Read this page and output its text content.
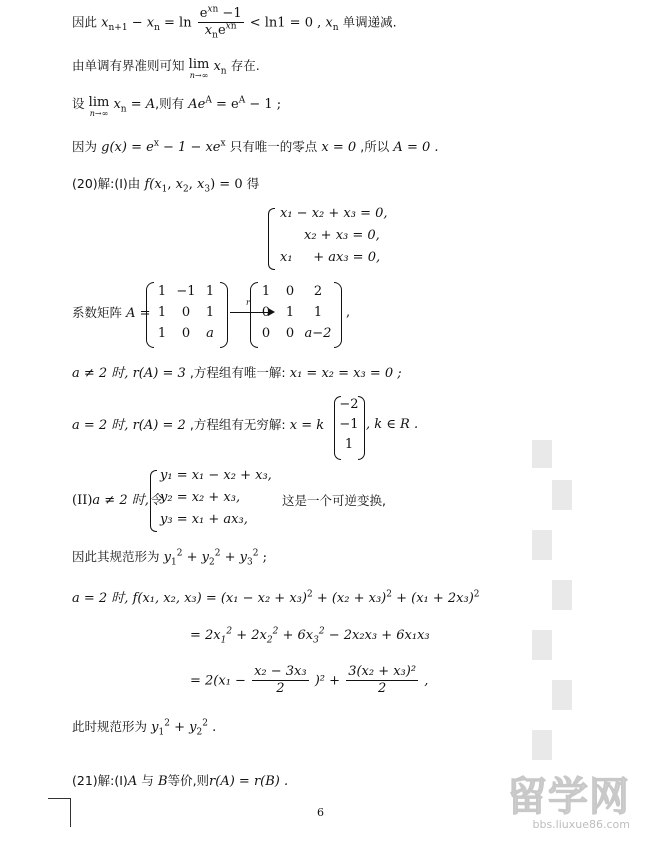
因此 $x_{n+1} - x_n = \ln \frac{e^{xn} -1}{x_ne^{xn}} < \ln 1 = 0$ , $x_n$ 单调递减.
由单调有界准则可知 lim
n→∞
$x_n$ 存在.
设 lim
n→∞
$x_n = A$,则有 $Ae^A = e^A - 1$ ;
因为 $g(x) = e^x - 1 - xe^x$ 只有唯一的零点 x = 0 ,所以 A = 0 .
(20)解:(I)由 $f(x_1$, $x_2$, $x_3) = 0$ 得
x₁ − x₂ + x₃ = 0,
x₂ + x₃ = 0,
x₁ + ax₃ = 0,
系数矩阵 A =
1 −1 1
1	0	1
1	0	a
r
1	0	2
0	1	1
0	0 a−2
,
a ≠ 2 时, r(A) = 3 ,方程组有唯一解: x₁ = x₂ = x₃ = 0 ;
a = 2 时, r(A) = 2 ,方程组有无穷解: x = k
−2
−1
1
, k ∈ R .
(II)a ≠ 2 时,令
y₁ = x₁ − x₂ + x₃,
y₂ = x₂ + x₃,
y₃ = x₁ + ax₃,
这是一个可逆变换,
因此其规范形为 $y_1^2 + y_2^2 + y_3^2$ ;
a = 2 时, f(x₁, x₂, $x_3) = (x_1 - x_2 + x_3)^2 + (x_2 + x_3)^2 + (x_1 + 2x_3)^2$
= $2x_1^2 + 2x_2^2 + 6x_3^2 - 2x_2x_3 + 6x_1x_3$
= $2(x_1 - \frac{\text{x₂ − 3x₃}}{2} )^2 + \frac{\text{3(x₂ + x₃)²}}{2}$ ,
此时规范形为 $y_1^2 + y_2^2$ .
(21)解:(I)A 与 B等价,则r(A) = r(B) .
6	留学网
bbs.liuxue86.com
